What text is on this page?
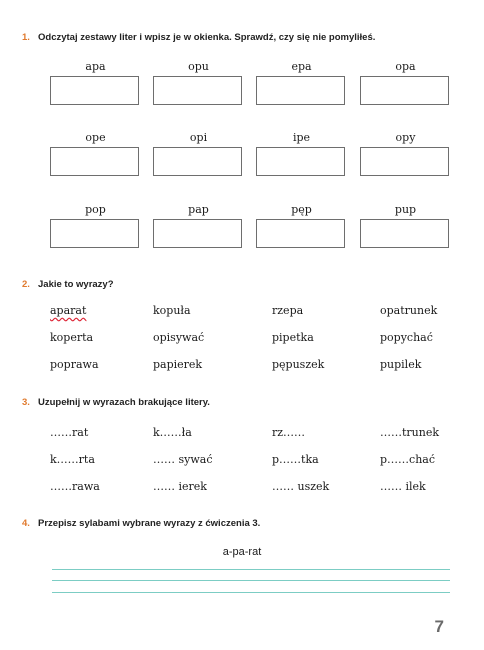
1. Odczytaj zestawy liter i wpisz je w okienka. Sprawdź, czy się nie pomyliłeś.
apa	opu	epa	opa
ope	opi	ipe	opy
pop	pap	pęp	pup
2. Jakie to wyrazy?
aparat	kopuła	rzepa	opatrunek
koperta	opisywać	pipetka	popychać
poprawa	papierek	pępuszek	pupilek
3. Uzupełnij w wyrazach brakujące litery.
……rat	k……ła	rz……	……trunek
k……rta	…… sywać	p……tka	p……chać
……rawa	…… ierek	…… uszek	…… ilek
4. Przepisz sylabami wybrane wyrazy z ćwiczenia 3.
a-pa-rat
7
